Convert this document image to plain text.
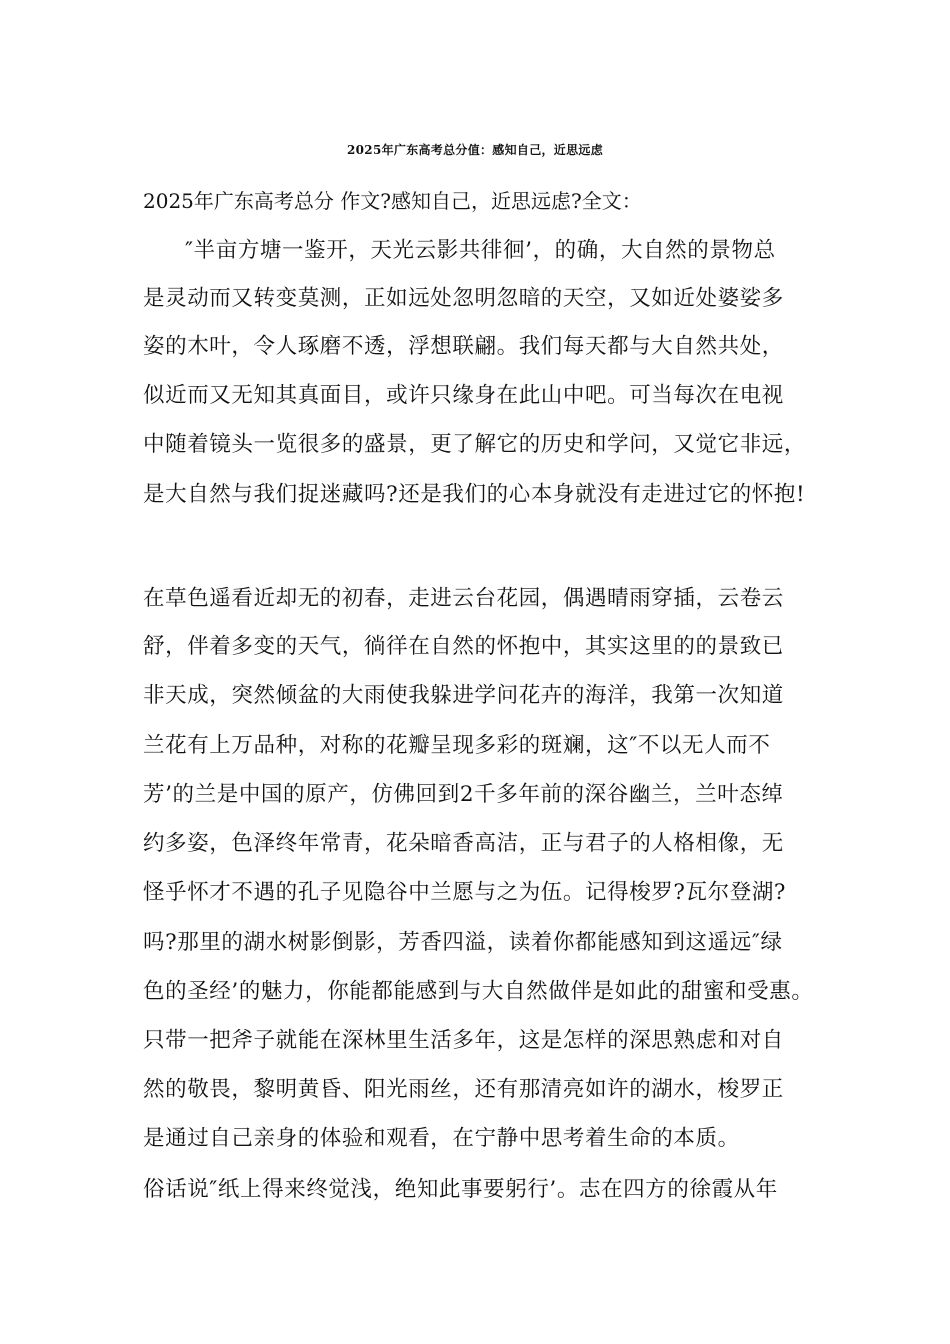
2025年广东高考总分值：感知自己，近思远虑
2025年广东高考总分 作文?感知自己，近思远虑?全文：
″半亩方塘一鉴开，天光云影共徘徊’，的确，大自然的景物总
是灵动而又转变莫测，正如远处忽明忽暗的天空，又如近处婆娑多
姿的木叶，令人琢磨不透，浮想联翩。我们每天都与大自然共处，
似近而又无知其真面目，或许只缘身在此山中吧。可当每次在电视
中随着镜头一览很多的盛景，更了解它的历史和学问，又觉它非远，
是大自然与我们捉迷藏吗?还是我们的心本身就没有走进过它的怀抱!
在草色遥看近却无的初春，走进云台花园，偶遇晴雨穿插，云卷云
舒，伴着多变的天气，徜徉在自然的怀抱中，其实这里的的景致已
非天成，突然倾盆的大雨使我躲进学问花卉的海洋，我第一次知道
兰花有上万品种，对称的花瓣呈现多彩的斑斓，这″不以无人而不
芳’的兰是中国的原产，仿佛回到2千多年前的深谷幽兰，兰叶态绰
约多姿，色泽终年常青，花朵暗香高洁，正与君子的人格相像，无
怪乎怀才不遇的孔子见隐谷中兰愿与之为伍。记得梭罗?瓦尔登湖?
吗?那里的湖水树影倒影，芳香四溢，读着你都能感知到这遥远″绿
色的圣经’的魅力，你能都能感到与大自然做伴是如此的甜蜜和受惠。
只带一把斧子就能在深林里生活多年，这是怎样的深思熟虑和对自
然的敬畏，黎明黄昏、阳光雨丝，还有那清亮如许的湖水，梭罗正
是通过自己亲身的体验和观看，在宁静中思考着生命的本质。
俗话说″纸上得来终觉浅，绝知此事要躬行’。志在四方的徐霞从年
